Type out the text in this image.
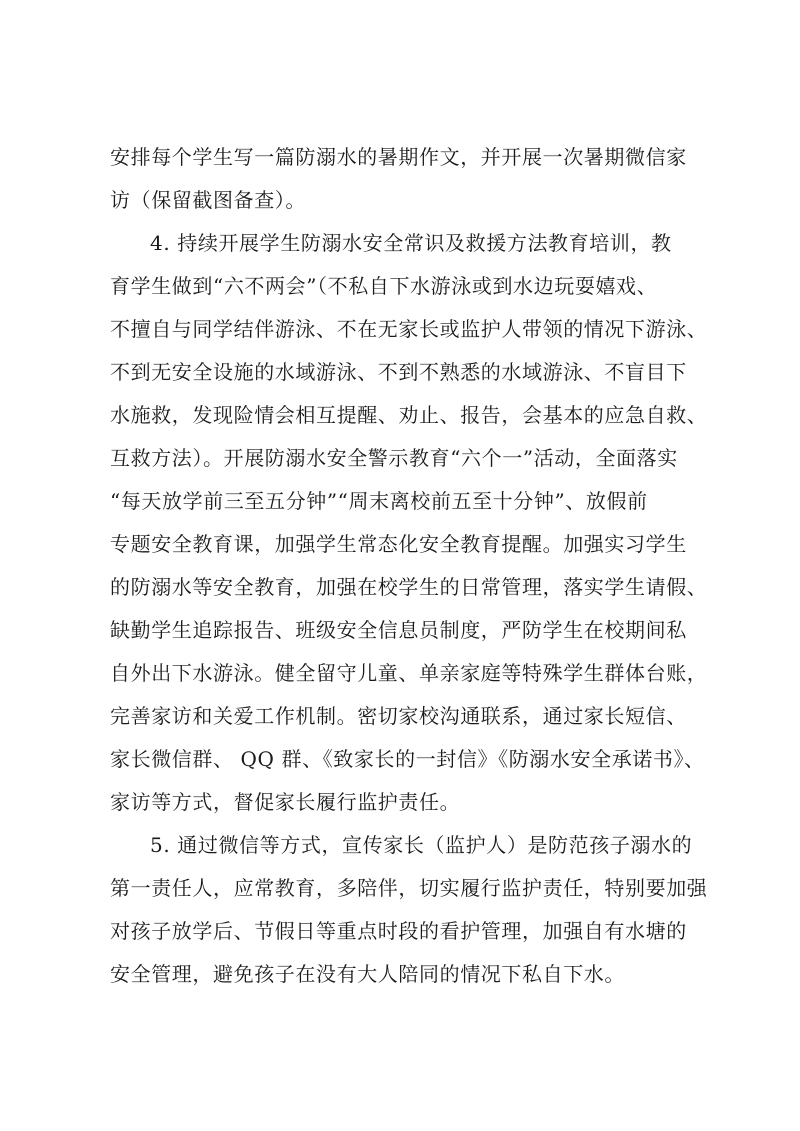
安排每个学生写一篇防溺水的暑期作文，并开展一次暑期微信家
访（保留截图备查）。
4. 持续开展学生防溺水安全常识及救援方法教育培训，教
育学生做到“六不两会”（不私自下水游泳或到水边玩耍嬉戏、
不擅自与同学结伴游泳、不在无家长或监护人带领的情况下游泳、
不到无安全设施的水域游泳、不到不熟悉的水域游泳、不盲目下
水施救，发现险情会相互提醒、劝止、报告，会基本的应急自救、
互救方法）。开展防溺水安全警示教育“六个一”活动，全面落实
“每天放学前三至五分钟”“周末离校前五至十分钟”、放假前
专题安全教育课，加强学生常态化安全教育提醒。加强实习学生
的防溺水等安全教育，加强在校学生的日常管理，落实学生请假、
缺勤学生追踪报告、班级安全信息员制度，严防学生在校期间私
自外出下水游泳。健全留守儿童、单亲家庭等特殊学生群体台账，
完善家访和关爱工作机制。密切家校沟通联系，通过家长短信、
家长微信群、 QQ 群、《致家长的一封信》《防溺水安全承诺书》、
家访等方式，督促家长履行监护责任。
5. 通过微信等方式，宣传家长（监护人）是防范孩子溺水的
第一责任人，应常教育，多陪伴，切实履行监护责任，特别要加强
对孩子放学后、节假日等重点时段的看护管理，加强自有水塘的
安全管理，避免孩子在没有大人陪同的情况下私自下水。
